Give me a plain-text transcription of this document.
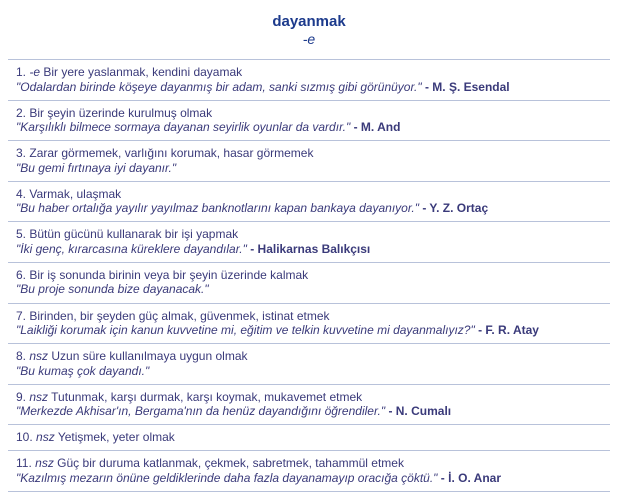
dayanmak
-e
1. -e Bir yere yaslanmak, kendini dayamak
"Odalardan birinde köşeye dayanmış bir adam, sanki sızmış gibi görünüyor." - M. Ş. Esendal
2. Bir şeyin üzerinde kurulmuş olmak
"Karşılıklı bilmece sormaya dayanan seyirlik oyunlar da vardır." - M. And
3. Zarar görmemek, varlığını korumak, hasar görmemek
"Bu gemi fırtınaya iyi dayanır."
4. Varmak, ulaşmak
"Bu haber ortalığa yayılır yayılmaz banknotlarını kapan bankaya dayanıyor." - Y. Z. Ortaç
5. Bütün gücünü kullanarak bir işi yapmak
"İki genç, kırarcasına küreklere dayandılar." - Halikarnas Balıkçısı
6. Bir iş sonunda birinin veya bir şeyin üzerinde kalmak
"Bu proje sonunda bize dayanacak."
7. Birinden, bir şeyden güç almak, güvenmek, istinat etmek
"Laikliği korumak için kanun kuvvetine mi, eğitim ve telkin kuvvetine mi dayanmalıyız?" - F. R. Atay
8. nsz Uzun süre kullanılmaya uygun olmak
"Bu kumaş çok dayandı."
9. nsz Tutunmak, karşı durmak, karşı koymak, mukavemet etmek
"Merkezde Akhisar'ın, Bergama'nın da henüz dayandığını öğrendiler." - N. Cumalı
10. nsz Yetişmek, yeter olmak
11. nsz Güç bir duruma katlanmak, çekmek, sabretmek, tahammül etmek
"Kazılmış mezarın önüne geldiklerinde daha fazla dayanamayıp oracığa çöktü." - İ. O. Anar
